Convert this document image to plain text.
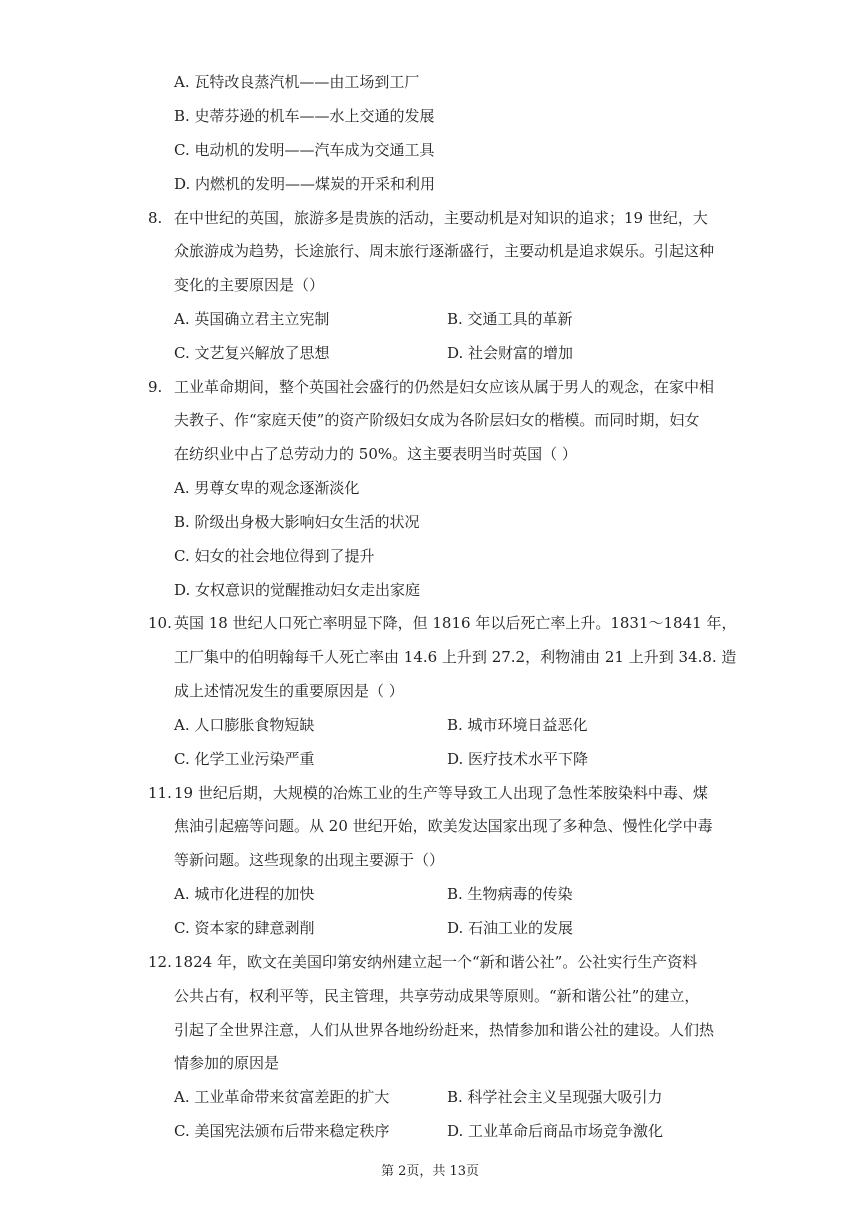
A. 瓦特改良蒸汽机——由工场到工厂
B. 史蒂芬逊的机车——水上交通的发展
C. 电动机的发明——汽车成为交通工具
D. 内燃机的发明——煤炭的开采和利用
8. 在中世纪的英国，旅游多是贵族的活动，主要动机是对知识的追求；19 世纪，大
众旅游成为趋势，长途旅行、周末旅行逐渐盛行，主要动机是追求娱乐。引起这种
变化的主要原因是（）
A. 英国确立君主立宪制	B. 交通工具的革新
C. 文艺复兴解放了思想	D. 社会财富的增加
9. 工业革命期间，整个英国社会盛行的仍然是妇女应该从属于男人的观念，在家中相
夫教子、作“家庭天使”的资产阶级妇女成为各阶层妇女的楷模。而同时期，妇女
在纺织业中占了总劳动力的 50%。这主要表明当时英国（ ）
A. 男尊女卑的观念逐渐淡化
B. 阶级出身极大影响妇女生活的状况
C. 妇女的社会地位得到了提升
D. 女权意识的觉醒推动妇女走出家庭
10. 英国 18 世纪人口死亡率明显下降，但 1816 年以后死亡率上升。1831～1841 年，
工厂集中的伯明翰每千人死亡率由 14.6 上升到 27.2，利物浦由 21 上升到 34.8. 造
成上述情况发生的重要原因是（ ）
A. 人口膨胀食物短缺	B. 城市环境日益恶化
C. 化学工业污染严重	D. 医疗技术水平下降
11. 19 世纪后期，大规模的冶炼工业的生产等导致工人出现了急性苯胺染料中毒、煤
焦油引起癌等问题。从 20 世纪开始，欧美发达国家出现了多种急、慢性化学中毒
等新问题。这些现象的出现主要源于（）
A. 城市化进程的加快	B. 生物病毒的传染
C. 资本家的肆意剥削	D. 石油工业的发展
12. 1824 年，欧文在美国印第安纳州建立起一个“新和谐公社”。公社实行生产资料
公共占有，权利平等，民主管理，共享劳动成果等原则。“新和谐公社”的建立，
引起了全世界注意，人们从世界各地纷纷赶来，热情参加和谐公社的建设。人们热
情参加的原因是
A. 工业革命带来贫富差距的扩大	B. 科学社会主义呈现强大吸引力
C. 美国宪法颁布后带来稳定秩序	D. 工业革命后商品市场竞争激化
第 2页，共 13页
